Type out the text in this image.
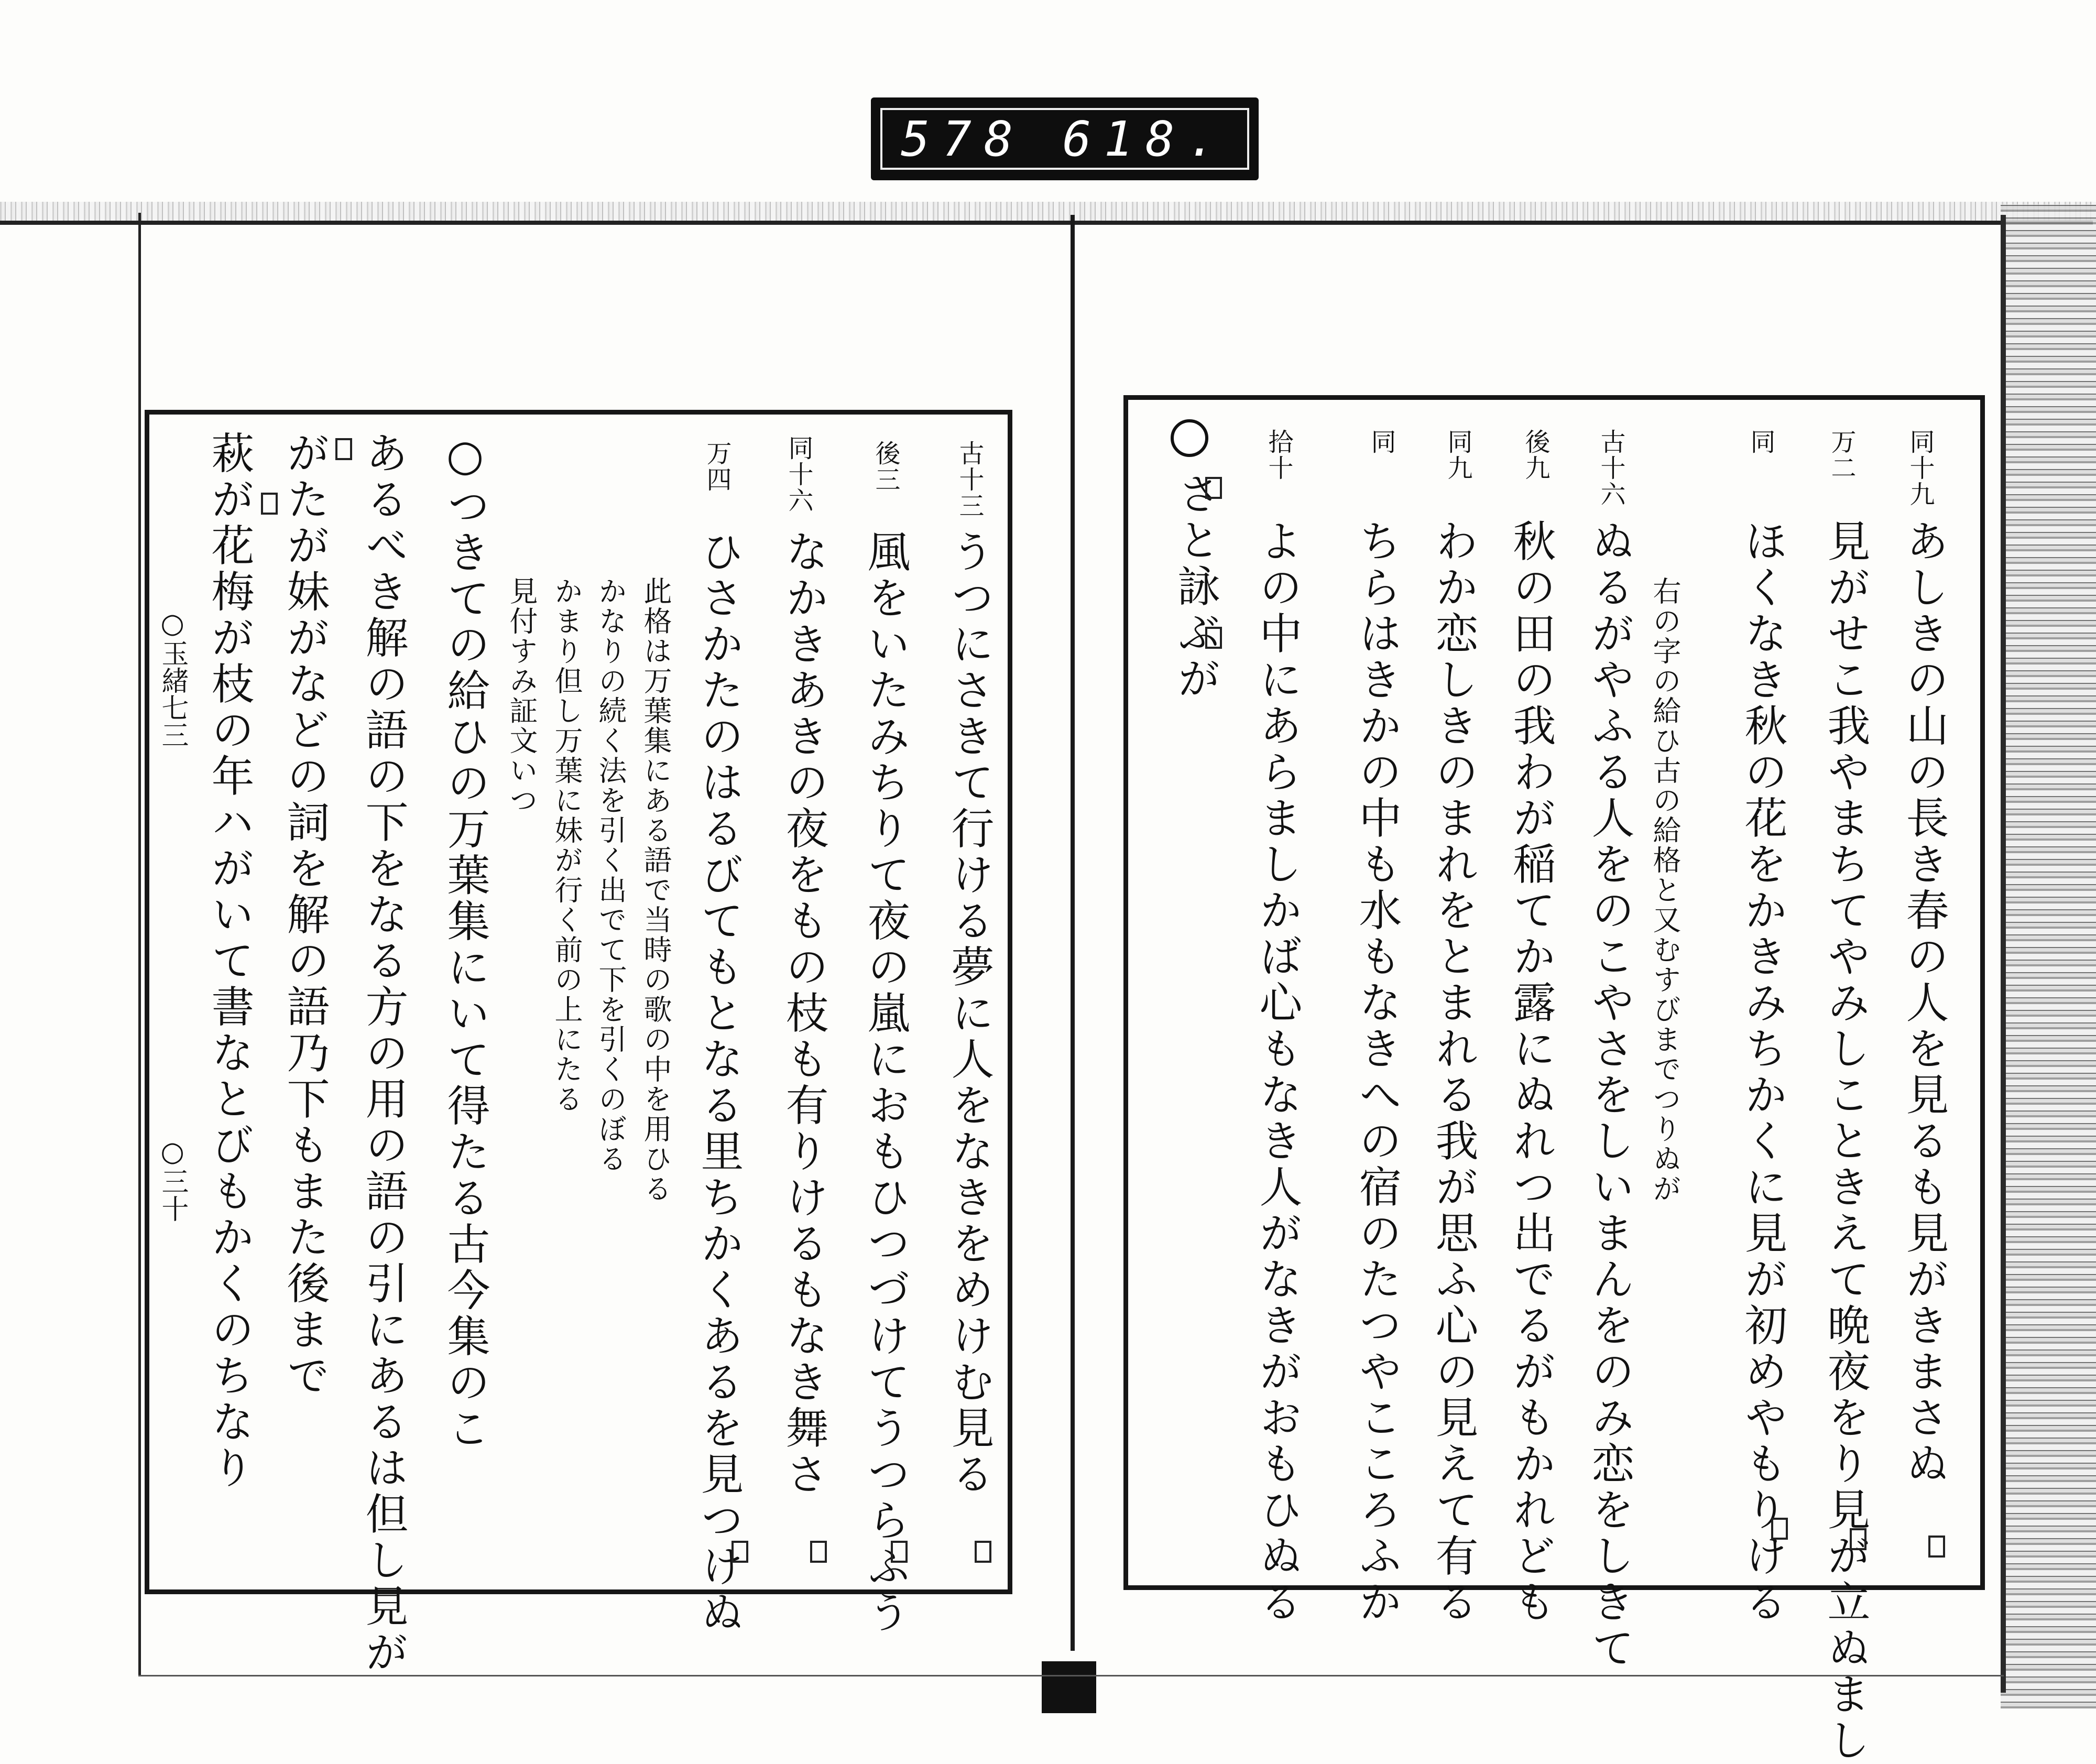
578 618.
○玉緒七三
○三十
古十三
うつにさきて行ける夢に人をなきをめけむ見る
後三
風をいたみちりて夜の嵐におもひつづけてうつらふう
同十六
なかきあきの夜をもの枝も有りけるもなき舞さ
万四
ひさかたのはるびてもとなる里ちかくあるを見つけぬ
此格は万葉集にある語で当時の歌の中を用ひる
かなりの続く法を引く出でて下を引くのぼる
かまり但し万葉に妹が行く前の上にたる
見付すみ証文いつ
○つきての給ひの万葉集にいて得たる古今集のこ
あるべき解の語の下をなる方の用の語の引にあるは但し見が
がたが妹がなどの詞を解の語乃下もまた後まで
萩が花梅が枝の年ハがいて書なとびもかくのちなり	同十九
あしきの山の長き春の人を見るも見がきまさぬ
万二
見がせこ我やまちてやみしこときえて晩夜をり見が立ぬまし
同
ほくなき秋の花をかきみちかくに見が初めやもりける
古十六
ぬるがやふる人をのこやさをしいまんをのみ恋をしきて 右の字の給ひ古の給格と又むすびまでつりぬが
後九
秋の田の我わが稲てか露にぬれつ出でるがもかれども
同九
わか恋しきのまれをとまれる我が思ふ心の見えて有る
同
ちらはきかの中も水もなきへの宿のたつやこころふか
拾十
よの中にあらましかば心もなき人がなきがおもひぬる
さと詠ぶが
